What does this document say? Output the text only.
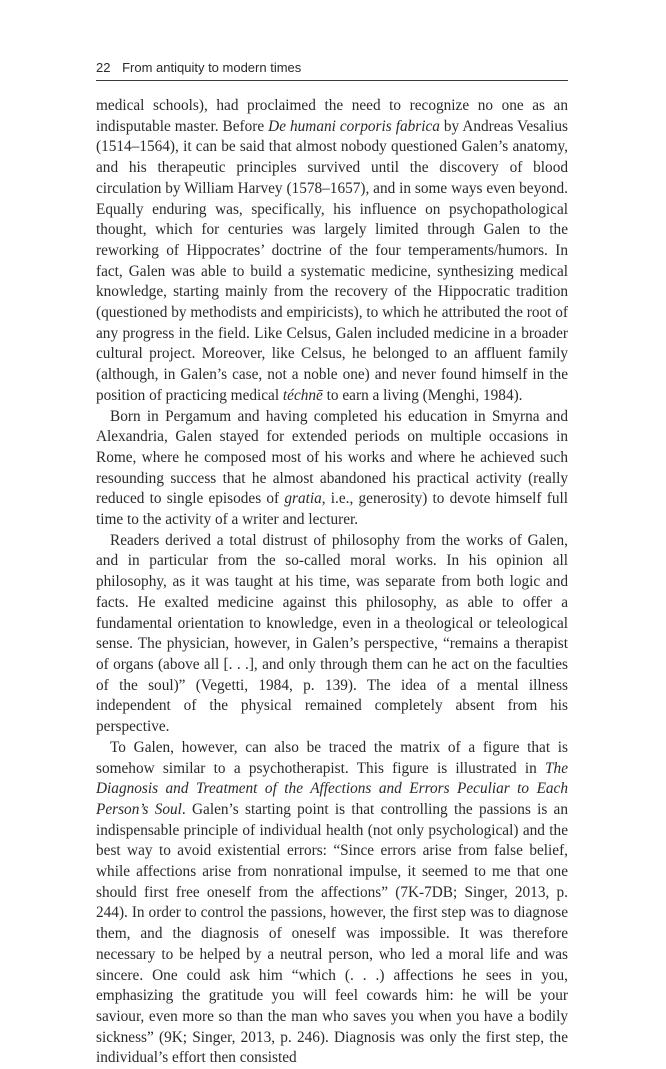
22 From antiquity to modern times

medical schools), had proclaimed the need to recognize no one as an indisputable master. Before De humani corporis fabrica by Andreas Vesalius (1514–1564), it can be said that almost nobody questioned Galen’s anatomy, and his therapeutic principles survived until the discovery of blood circulation by William Harvey (1578–1657), and in some ways even beyond. Equally enduring was, specifically, his influence on psychopathological thought, which for centuries was largely limited through Galen to the reworking of Hippocrates’ doctrine of the four temperaments/humors. In fact, Galen was able to build a systematic medicine, synthesizing medical knowledge, starting mainly from the recovery of the Hippocratic tradition (questioned by methodists and empiricists), to which he attributed the root of any progress in the field. Like Celsus, Galen included medicine in a broader cultural project. Moreover, like Celsus, he belonged to an affluent family (although, in Galen’s case, not a noble one) and never found himself in the position of practicing medical téchnē to earn a living (Menghi, 1984).

Born in Pergamum and having completed his education in Smyrna and Alexandria, Galen stayed for extended periods on multiple occasions in Rome, where he composed most of his works and where he achieved such resounding success that he almost abandoned his practical activity (really reduced to single episodes of gratia, i.e., generosity) to devote himself full time to the activity of a writer and lecturer.

Readers derived a total distrust of philosophy from the works of Galen, and in particular from the so-called moral works. In his opinion all philosophy, as it was taught at his time, was separate from both logic and facts. He exalted medicine against this philosophy, as able to offer a fundamental orientation to knowledge, even in a theological or teleological sense. The physician, however, in Galen’s perspective, “remains a therapist of organs (above all [. . .], and only through them can he act on the faculties of the soul)” (Vegetti, 1984, p. 139). The idea of a mental illness independent of the physical remained completely absent from his perspective.

To Galen, however, can also be traced the matrix of a figure that is somehow similar to a psychotherapist. This figure is illustrated in The Diagnosis and Treatment of the Affections and Errors Peculiar to Each Person’s Soul. Galen’s starting point is that controlling the passions is an indispensable principle of individual health (not only psychological) and the best way to avoid existential errors: “Since errors arise from false belief, while affections arise from nonrational impulse, it seemed to me that one should first free oneself from the affections” (7K-7DB; Singer, 2013, p. 244). In order to control the passions, however, the first step was to diagnose them, and the diagnosis of oneself was impossible. It was therefore necessary to be helped by a neutral person, who led a moral life and was sincere. One could ask him “which (. . .) affections he sees in you, emphasizing the gratitude you will feel cowards him: he will be your saviour, even more so than the man who saves you when you have a bodily sickness” (9K; Singer, 2013, p. 246). Diagnosis was only the first step, the individual’s effort then consisted
